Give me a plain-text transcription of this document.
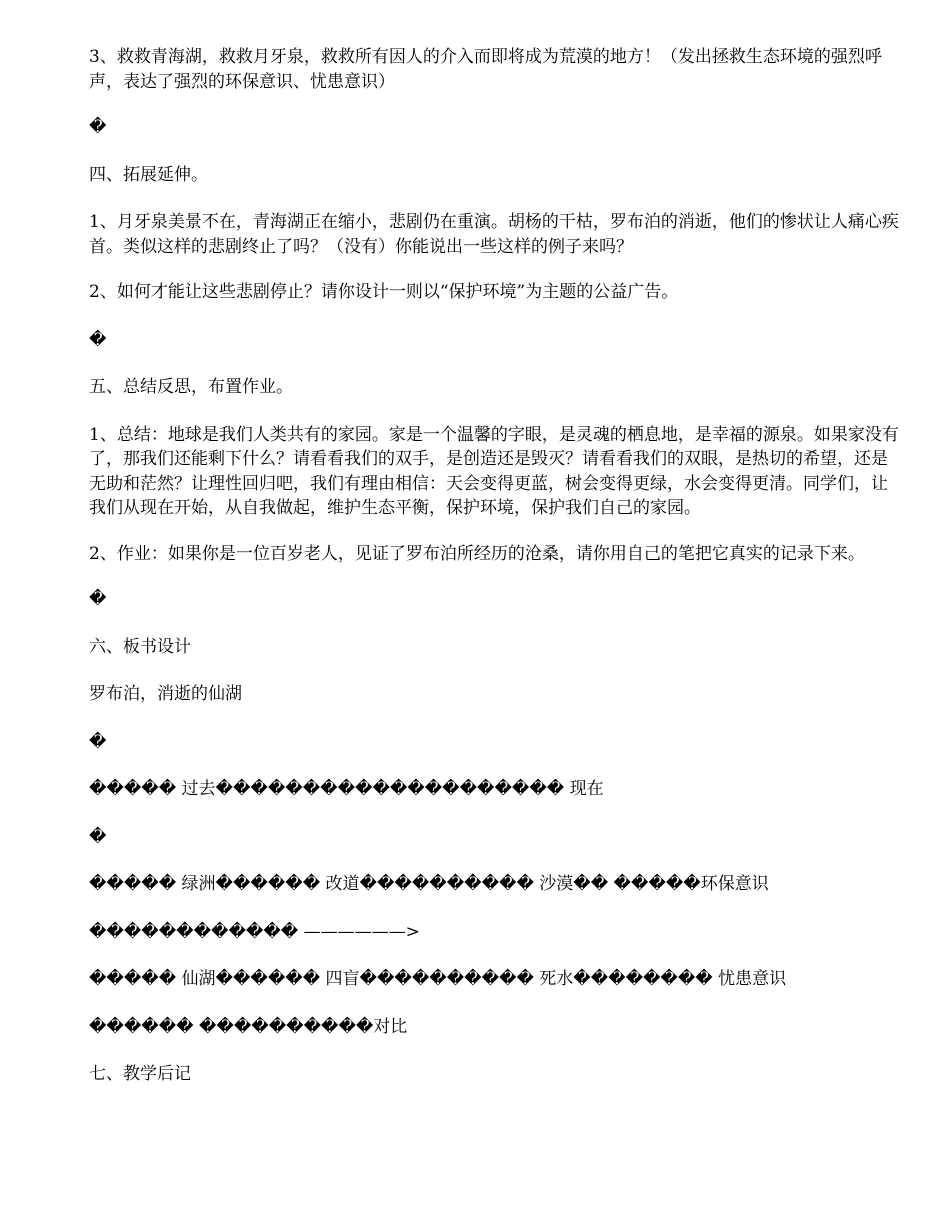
3、救救青海湖，救救月牙泉，救救所有因人的介入而即将成为荒漠的地方！（发出拯救生态环境的强烈呼声，表达了强烈的环保意识、忧患意识）

�

四、拓展延伸。

1、月牙泉美景不在，青海湖正在缩小，悲剧仍在重演。胡杨的干枯，罗布泊的消逝，他们的惨状让人痛心疾首。类似这样的悲剧终止了吗？（没有）你能说出一些这样的例子来吗？

2、如何才能让这些悲剧停止？请你设计一则以“保护环境”为主题的公益广告。

�

五、总结反思，布置作业。

1、总结：地球是我们人类共有的家园。家是一个温馨的字眼，是灵魂的栖息地，是幸福的源泉。如果家没有了，那我们还能剩下什么？请看看我们的双手，是创造还是毁灭？请看看我们的双眼，是热切的希望，还是无助和茫然？让理性回归吧，我们有理由相信：天会变得更蓝，树会变得更绿，水会变得更清。同学们，让我们从现在开始，从自我做起，维护生态平衡，保护环境，保护我们自己的家园。

2、作业：如果你是一位百岁老人，见证了罗布泊所经历的沧桑，请你用自己的笔把它真实的记录下来。

�

六、板书设计

罗布泊，消逝的仙湖

�

����� 过去�������������������� 现在

�

����� 绿洲������ 改道���������� 沙漠�� �����环保意识

������������ ——————>

����� 仙湖������ 四盲���������� 死水�������� 忧患意识

������ ����������对比

七、教学后记
